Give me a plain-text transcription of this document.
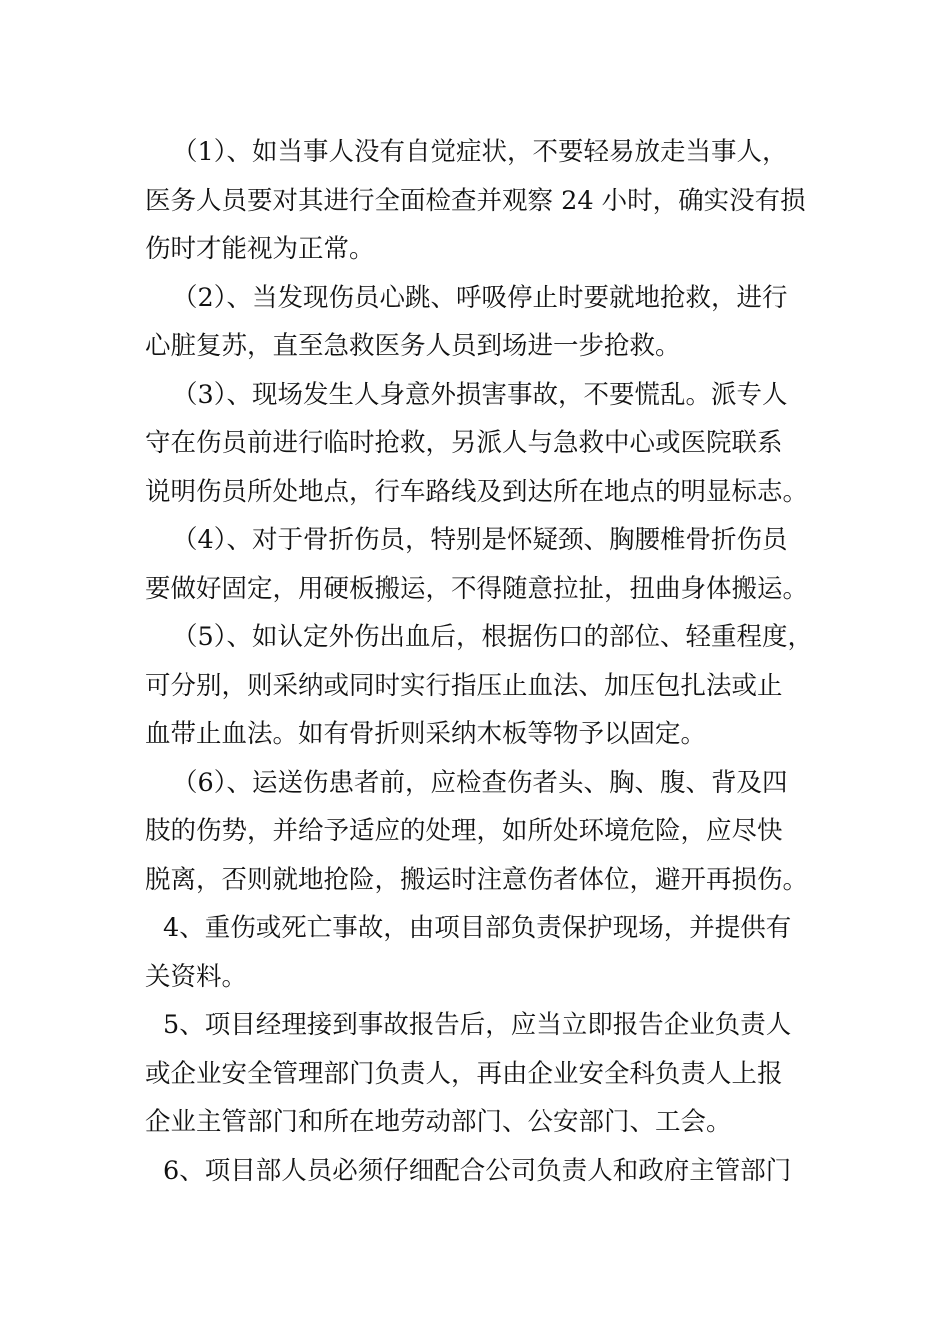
（1）、如当事人没有自觉症状，不要轻易放走当事人，
医务人员要对其进行全面检查并观察 24 小时，确实没有损
伤时才能视为正常。
（2）、当发现伤员心跳、呼吸停止时要就地抢救，进行
心脏复苏，直至急救医务人员到场进一步抢救。
（3）、现场发生人身意外损害事故，不要慌乱。派专人
守在伤员前进行临时抢救，另派人与急救中心或医院联系
说明伤员所处地点，行车路线及到达所在地点的明显标志。
（4）、对于骨折伤员，特别是怀疑颈、胸腰椎骨折伤员
要做好固定，用硬板搬运，不得随意拉扯，扭曲身体搬运。
（5）、如认定外伤出血后，根据伤口的部位、轻重程度，
可分别，则采纳或同时实行指压止血法、加压包扎法或止
血带止血法。如有骨折则采纳木板等物予以固定。
（6）、运送伤患者前，应检查伤者头、胸、腹、背及四
肢的伤势，并给予适应的处理，如所处环境危险，应尽快
脱离，否则就地抢险，搬运时注意伤者体位，避开再损伤。
4、重伤或死亡事故，由项目部负责保护现场，并提供有
关资料。
5、项目经理接到事故报告后，应当立即报告企业负责人
或企业安全管理部门负责人，再由企业安全科负责人上报
企业主管部门和所在地劳动部门、公安部门、工会。
6、项目部人员必须仔细配合公司负责人和政府主管部门
